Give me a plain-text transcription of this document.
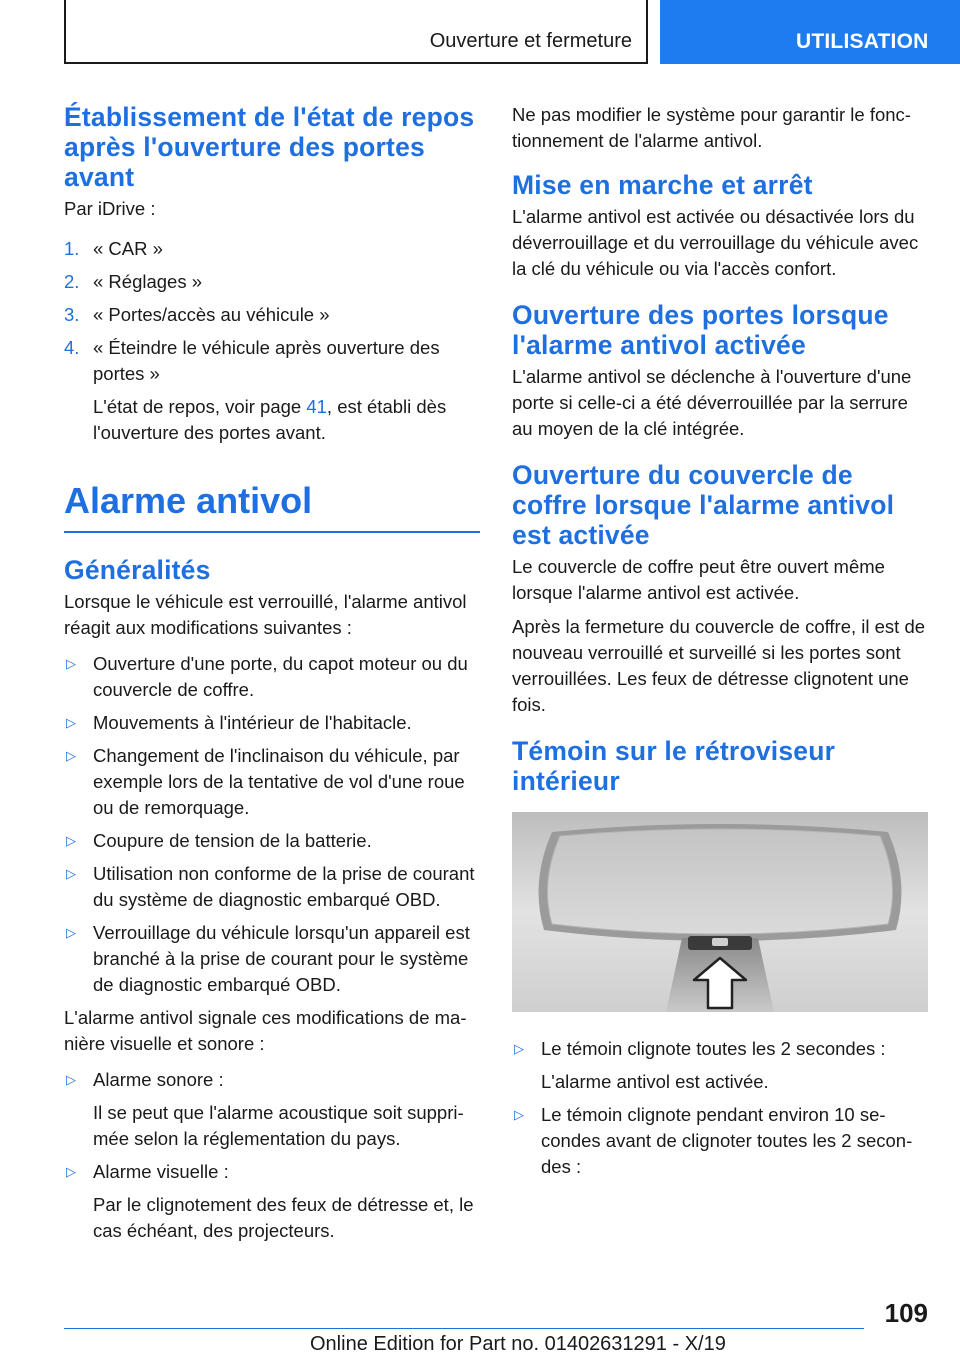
Ouverture et fermeture	UTILISATION
Établissement de l'état de repos après l'ouverture des portes avant

Par iDrive :

1. « CAR »
2. « Réglages »
3. « Portes/accès au véhicule »
4. « Éteindre le véhicule après ouverture des portes »
L'état de repos, voir page 41, est établi dès l'ouverture des portes avant.
Alarme antivol
Généralités

Lorsque le véhicule est verrouillé, l'alarme antivol réagit aux modifications suivantes :

▷ Ouverture d'une porte, du capot moteur ou du couvercle de coffre.
▷ Mouvements à l'intérieur de l'habitacle.
▷ Changement de l'inclinaison du véhicule, par exemple lors de la tentative de vol d'une roue ou de remorquage.
▷ Coupure de tension de la batterie.
▷ Utilisation non conforme de la prise de courant du système de diagnostic embarqué OBD.
▷ Verrouillage du véhicule lorsqu'un appareil est branché à la prise de courant pour le système de diagnostic embarqué OBD.

L'alarme antivol signale ces modifications de manière visuelle et sonore :

▷ Alarme sonore :
Il se peut que l'alarme acoustique soit supprimée selon la réglementation du pays.
▷ Alarme visuelle :
Par le clignotement des feux de détresse et, le cas échéant, des projecteurs.

Ne pas modifier le système pour garantir le fonctionnement de l'alarme antivol.

Mise en marche et arrêt

L'alarme antivol est activée ou désactivée lors du déverrouillage et du verrouillage du véhicule avec la clé du véhicule ou via l'accès confort.

Ouverture des portes lorsque l'alarme antivol activée

L'alarme antivol se déclenche à l'ouverture d'une porte si celle-ci a été déverrouillée par la serrure au moyen de la clé intégrée.

Ouverture du couvercle de coffre lorsque l'alarme antivol est activée

Le couvercle de coffre peut être ouvert même lorsque l'alarme antivol est activée.

Après la fermeture du couvercle de coffre, il est de nouveau verrouillé et surveillé si les portes sont verrouillées. Les feux de détresse clignotent une fois.

Témoin sur le rétroviseur intérieur
▷ Le témoin clignote toutes les 2 secondes :
L'alarme antivol est activée.
▷ Le témoin clignote pendant environ 10 secondes avant de clignoter toutes les 2 secondes :
109
Online Edition for Part no. 01402631291 - X/19
